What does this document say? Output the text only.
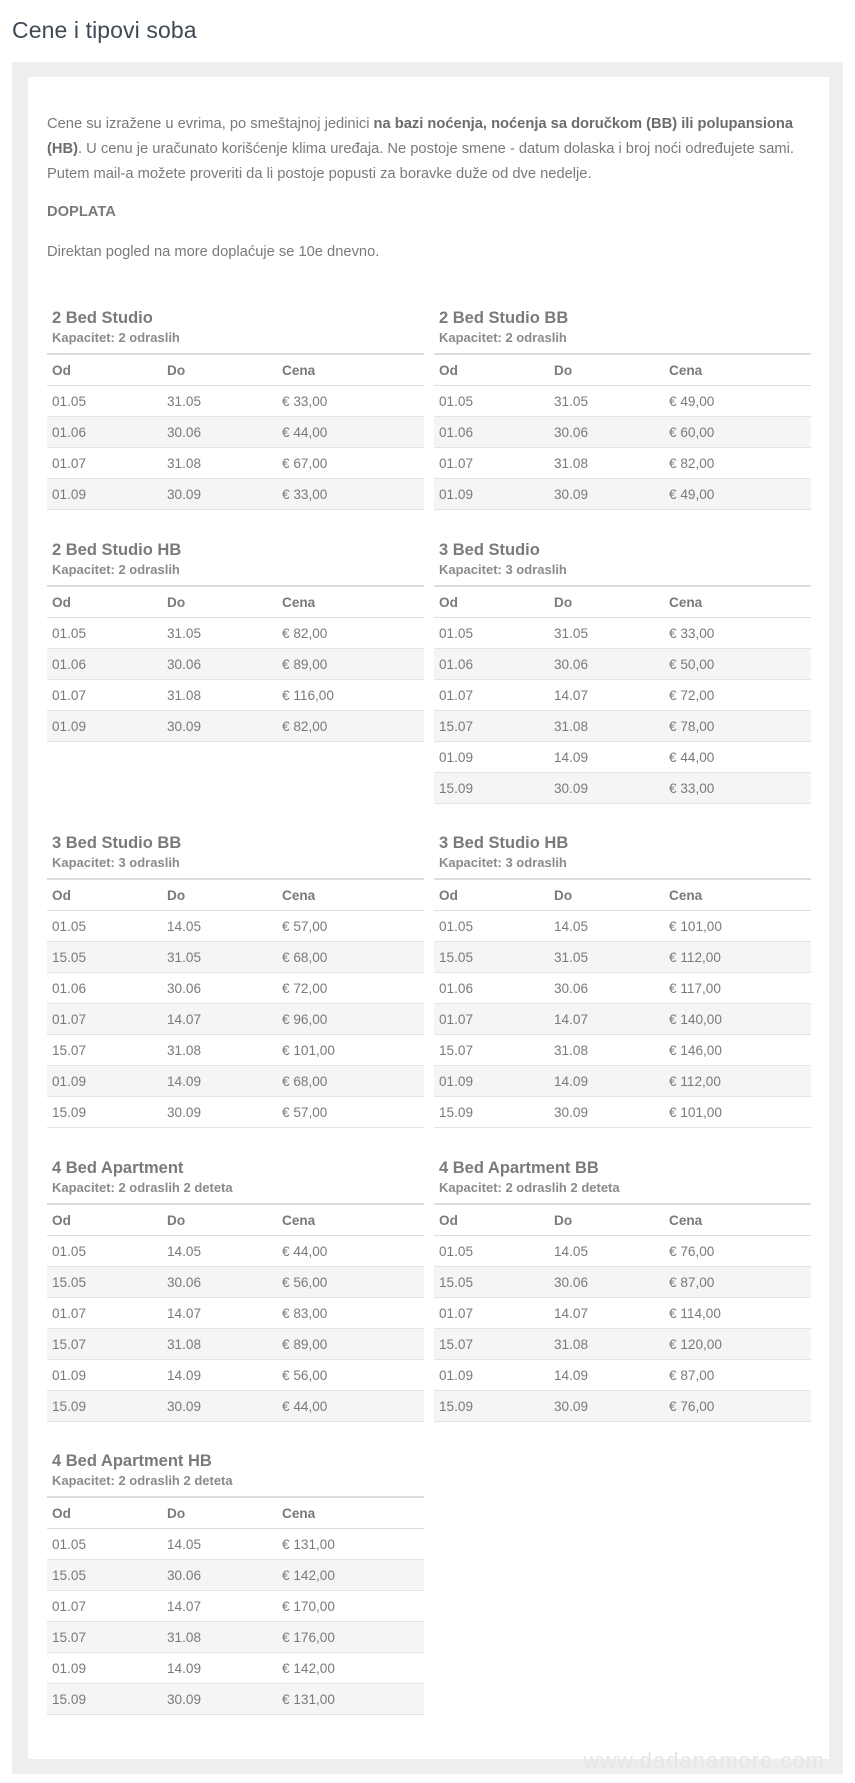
Cene i tipovi soba

Cene su izražene u evrima, po smeštajnoj jedinici na bazi noćenja, noćenja sa doručkom (BB) ili polupansiona (HB). U cenu je uračunato korišćenje klima uređaja. Ne postoje smene - datum dolaska i broj noći određujete sami. Putem mail-a možete proveriti da li postoje popusti za boravke duže od dve nedelje.

DOPLATA

Direktan pogled na more doplaćuje se 10e dnevno.

2 Bed Studio
Kapacitet: 2 odraslih
Od	Do	Cena
01.05	31.05	€ 33,00
01.06	30.06	€ 44,00
01.07	31.08	€ 67,00
01.09	30.09	€ 33,00
2 Bed Studio BB
Kapacitet: 2 odraslih
Od	Do	Cena
01.05	31.05	€ 49,00
01.06	30.06	€ 60,00
01.07	31.08	€ 82,00
01.09	30.09	€ 49,00
2 Bed Studio HB
Kapacitet: 2 odraslih
Od	Do	Cena
01.05	31.05	€ 82,00
01.06	30.06	€ 89,00
01.07	31.08	€ 116,00
01.09	30.09	€ 82,00
3 Bed Studio
Kapacitet: 3 odraslih
Od	Do	Cena
01.05	31.05	€ 33,00
01.06	30.06	€ 50,00
01.07	14.07	€ 72,00
15.07	31.08	€ 78,00
01.09	14.09	€ 44,00
15.09	30.09	€ 33,00
3 Bed Studio BB
Kapacitet: 3 odraslih
Od	Do	Cena
01.05	14.05	€ 57,00
15.05	31.05	€ 68,00
01.06	30.06	€ 72,00
01.07	14.07	€ 96,00
15.07	31.08	€ 101,00
01.09	14.09	€ 68,00
15.09	30.09	€ 57,00
3 Bed Studio HB
Kapacitet: 3 odraslih
Od	Do	Cena
01.05	14.05	€ 101,00
15.05	31.05	€ 112,00
01.06	30.06	€ 117,00
01.07	14.07	€ 140,00
15.07	31.08	€ 146,00
01.09	14.09	€ 112,00
15.09	30.09	€ 101,00
4 Bed Apartment
Kapacitet: 2 odraslih 2 deteta
Od	Do	Cena
01.05	14.05	€ 44,00
15.05	30.06	€ 56,00
01.07	14.07	€ 83,00
15.07	31.08	€ 89,00
01.09	14.09	€ 56,00
15.09	30.09	€ 44,00
4 Bed Apartment BB
Kapacitet: 2 odraslih 2 deteta
Od	Do	Cena
01.05	14.05	€ 76,00
15.05	30.06	€ 87,00
01.07	14.07	€ 114,00
15.07	31.08	€ 120,00
01.09	14.09	€ 87,00
15.09	30.09	€ 76,00
4 Bed Apartment HB
Kapacitet: 2 odraslih 2 deteta
Od	Do	Cena
01.05	14.05	€ 131,00
15.05	30.06	€ 142,00
01.07	14.07	€ 170,00
15.07	31.08	€ 176,00
01.09	14.09	€ 142,00
15.09	30.09	€ 131,00
www.dadanamore.com
